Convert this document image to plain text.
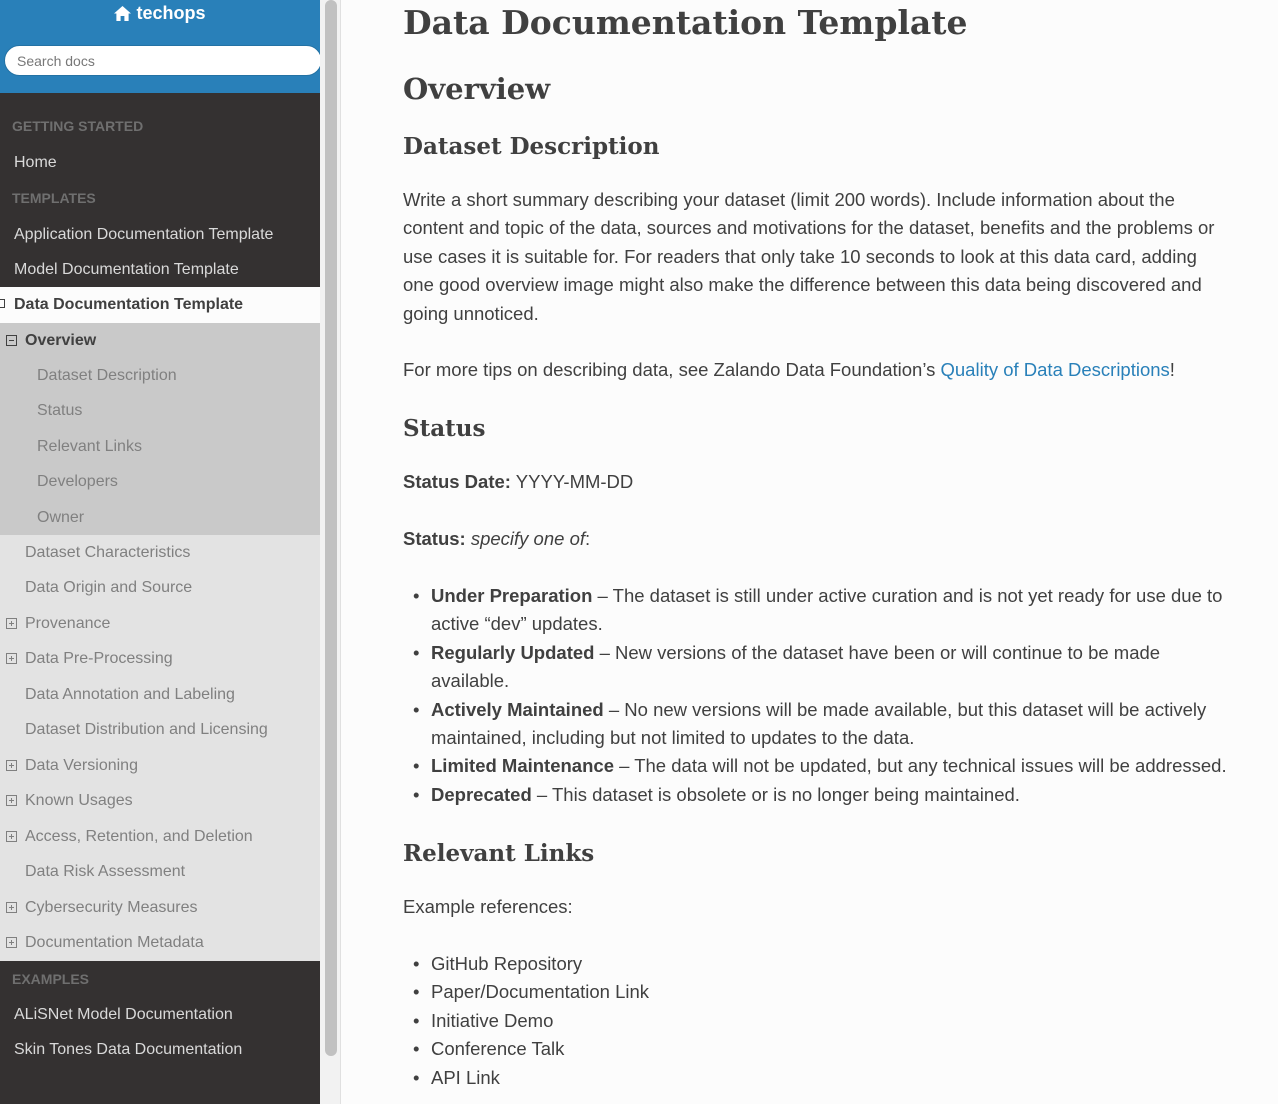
techops
Search docs
GETTING STARTED
Home
TEMPLATES
Application Documentation Template
Model Documentation Template
Data Documentation Template
Overview
Dataset Description
Status
Relevant Links
Developers
Owner
Dataset Characteristics
Data Origin and Source
Provenance
Data Pre-Processing
Data Annotation and Labeling
Dataset Distribution and Licensing
Data Versioning
Known Usages
Access, Retention, and Deletion
Data Risk Assessment
Cybersecurity Measures
Documentation Metadata
EXAMPLES
ALiSNet Model Documentation
Skin Tones Data Documentation
Data Documentation Template
Overview
Dataset Description

Write a short summary describing your dataset (limit 200 words). Include information about the content and topic of the data, sources and motivations for the dataset, benefits and the problems or use cases it is suitable for. For readers that only take 10 seconds to look at this data card, adding one good overview image might also make the difference between this data being discovered and going unnoticed.

For more tips on describing data, see Zalando Data Foundation’s Quality of Data Descriptions!

Status

Status Date: YYYY-MM-DD

Status: specify one of:

• Under Preparation – The dataset is still under active curation and is not yet ready for use due to active “dev” updates.
• Regularly Updated – New versions of the dataset have been or will continue to be made available.
• Actively Maintained – No new versions will be made available, but this dataset will be actively maintained, including but not limited to updates to the data.
• Limited Maintenance – The data will not be updated, but any technical issues will be addressed.
• Deprecated – This dataset is obsolete or is no longer being maintained.
Relevant Links

Example references:

• GitHub Repository
• Paper/Documentation Link
• Initiative Demo
• Conference Talk
• API Link
